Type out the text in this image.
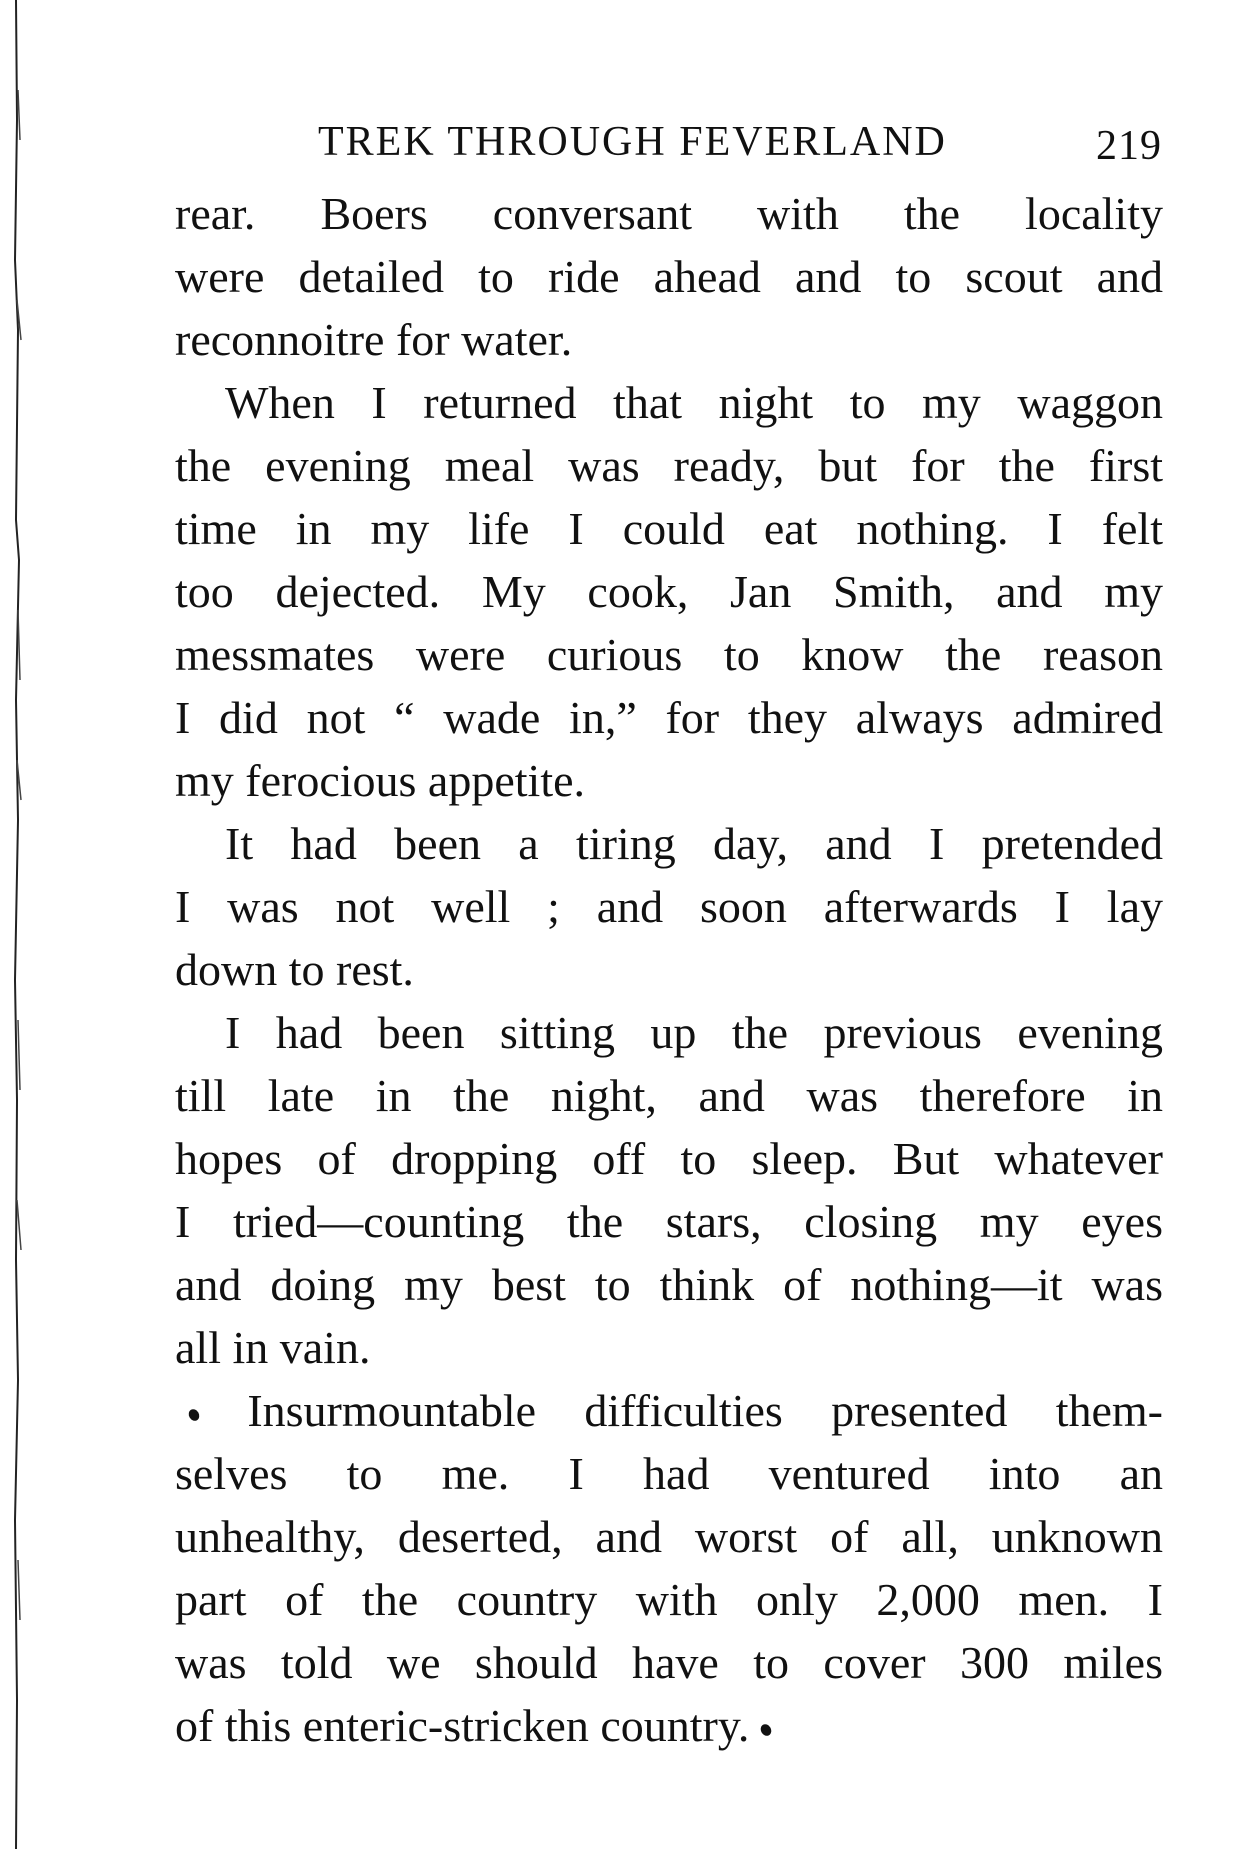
TREK THROUGH FEVERLAND	219
rear. Boers conversant with the locality
were detailed to ride ahead and to scout and
reconnoitre for water.
When I returned that night to my waggon
the evening meal was ready, but for the first
time in my life I could eat nothing. I felt
too dejected. My cook, Jan Smith, and my
messmates were curious to know the reason
I did not “ wade in,” for they always admired
my ferocious appetite.
It had been a tiring day, and I pretended
I was not well ; and soon afterwards I lay
down to rest.
I had been sitting up the previous evening
till late in the night, and was therefore in
hopes of dropping off to sleep. But whatever
I tried—counting the stars, closing my eyes
and doing my best to think of nothing—it was
all in vain.
Insurmountable difficulties presented them-
selves to me. I had ventured into an
unhealthy, deserted, and worst of all, unknown
part of the country with only 2,000 men. I
was told we should have to cover 300 miles
of this enteric-stricken country.
